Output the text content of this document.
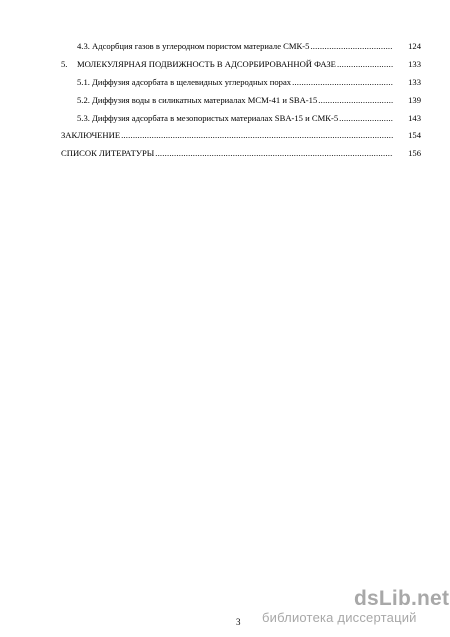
4.3. Адсорбция газов в углеродном пористом материале СМК-5 .....	124
5. МОЛЕКУЛЯРНАЯ ПОДВИЖНОСТЬ В АДСОРБИРОВАННОЙ ФАЗЕ .....	133
5.1. Диффузия адсорбата в щелевидных углеродных порах .....	133
5.2. Диффузия воды в силикатных материалах MCM-41 и SBA-15 .....	139
5.3. Диффузия адсорбата в мезопористых материалах SBA-15 и СМК-5 .....	143
ЗАКЛЮЧЕНИЕ .....	154
СПИСОК ЛИТЕРАТУРЫ .....	156
3
dsLib.net
библиотека диссертаций
